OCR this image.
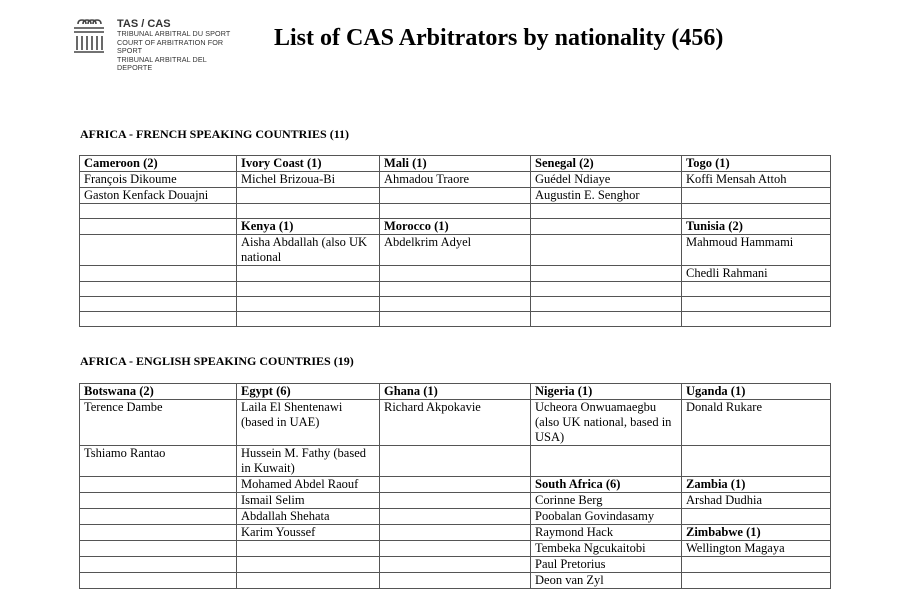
TAS / CAS
TRIBUNAL ARBITRAL DU SPORT
COURT OF ARBITRATION FOR SPORT
TRIBUNAL ARBITRAL DEL DEPORTE
List of CAS Arbitrators by nationality (456)
AFRICA - FRENCH SPEAKING COUNTRIES (11)
Cameroon (2)	Ivory Coast (1)	Mali (1)	Senegal (2)	Togo (1)
François Dikoume	Michel Brizoua-Bi	Ahmadou Traore	Guédel Ndiaye	Koffi Mensah Attoh
Gaston Kenfack Douajni			Augustin E. Senghor	

	Kenya (1)	Morocco (1)		Tunisia (2)
	Aisha Abdallah (also UK national	Abdelkrim Adyel		Mahmoud Hammami
				Chedli Rahmani

AFRICA - ENGLISH SPEAKING COUNTRIES (19)
Botswana (2)	Egypt (6)	Ghana (1)	Nigeria (1)	Uganda (1)
Terence Dambe	Laila El Shentenawi (based in UAE)	Richard Akpokavie	Ucheora Onwuamaegbu (also UK national, based in USA)	Donald Rukare
Tshiamo Rantao	Hussein M. Fathy (based in Kuwait)			
	Mohamed Abdel Raouf		South Africa (6)	Zambia (1)
	Ismail Selim		Corinne Berg	Arshad Dudhia
	Abdallah Shehata		Poobalan Govindasamy	
	Karim Youssef		Raymond Hack	Zimbabwe (1)
			Tembeka Ngcukaitobi	Wellington Magaya
			Paul Pretorius	
			Deon van Zyl	
